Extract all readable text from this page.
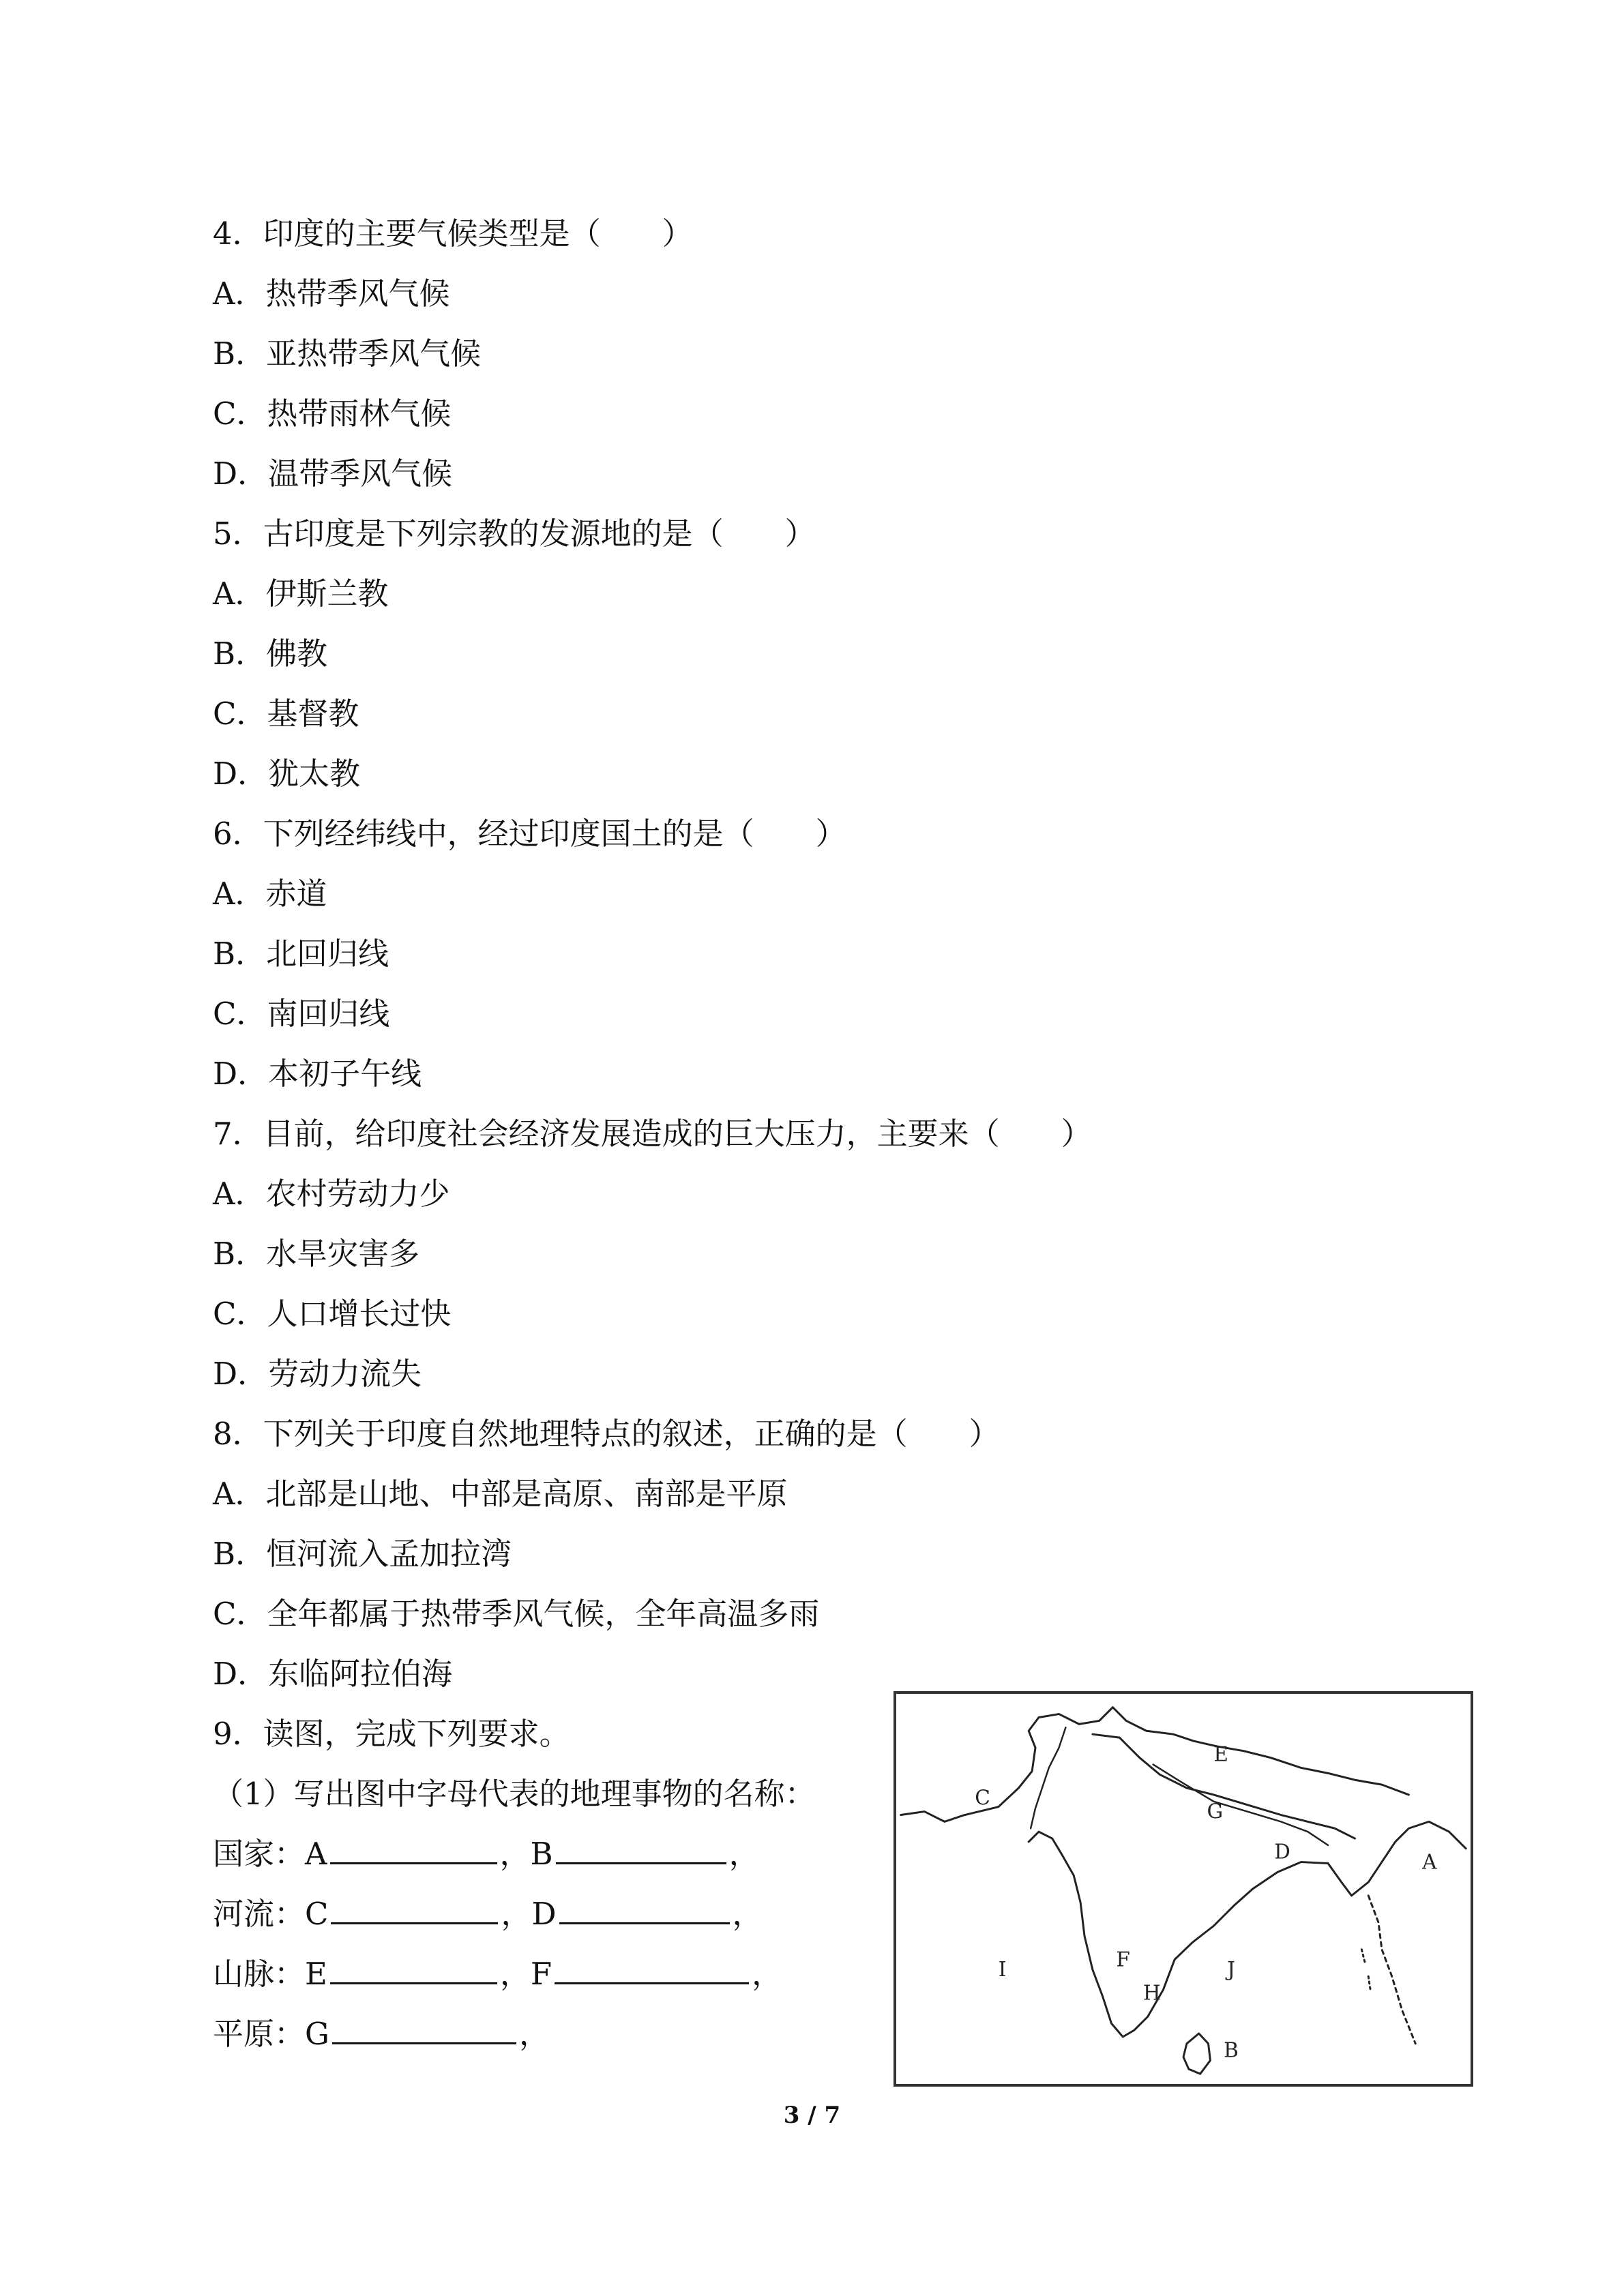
4．印度的主要气候类型是（　　）
A．热带季风气候
B．亚热带季风气候
C．热带雨林气候
D．温带季风气候
5．古印度是下列宗教的发源地的是（　　）
A．伊斯兰教
B．佛教
C．基督教
D．犹太教
6．下列经纬线中，经过印度国土的是（　　）
A．赤道
B．北回归线
C．南回归线
D．本初子午线
7．目前，给印度社会经济发展造成的巨大压力，主要来（　　）
A．农村劳动力少
B．水旱灾害多
C．人口增长过快
D．劳动力流失
8．下列关于印度自然地理特点的叙述，正确的是（　　）
A．北部是山地、中部是高原、南部是平原
B．恒河流入孟加拉湾
C．全年都属于热带季风气候，全年高温多雨
D．东临阿拉伯海
9．读图，完成下列要求。
（1）写出图中字母代表的地理事物的名称：
国家：A	，B	，
河流：C	，D	，
山脉：E	，F	，
平原：G	，
A
B
C
D
E
F
G
H
I	J
3 / 7
